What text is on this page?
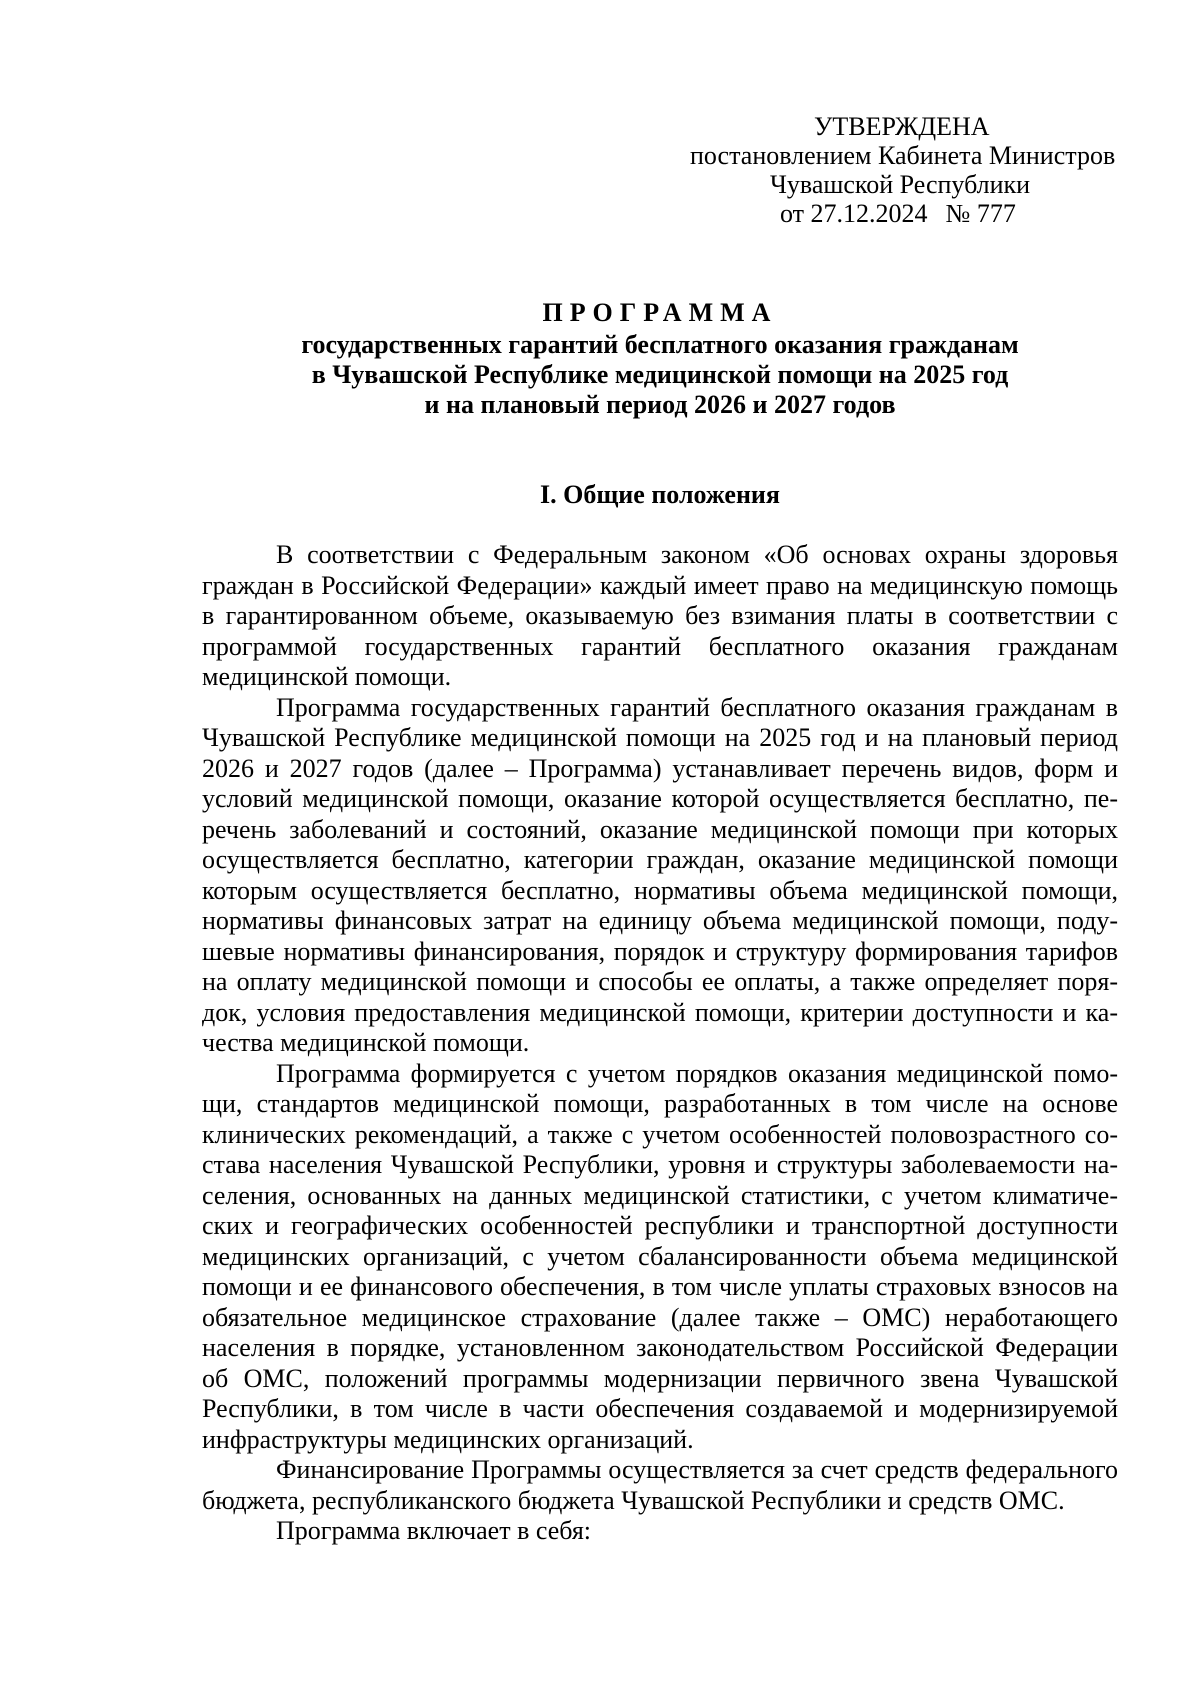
УТВЕРЖДЕНА
постановлением Кабинета Министров
Чувашской Республики
от 27.12.2024 № 777
ПРОГРАММА
государственных гарантий бесплатного оказания гражданам
в Чувашской Республике медицинской помощи на 2025 год
и на плановый период 2026 и 2027 годов
I. Общие положения

В соответствии с Федеральным законом «Об основах охраны здоровья граждан в Российской Федерации» каждый имеет право на медицинскую помощь в гарантированном объеме, оказываемую без взимания платы в соответствии с программой государственных гарантий бесплатного оказания гражданам медицинской помощи.

Программа государственных гарантий бесплатного оказания гражданам в Чувашской Республике медицинской помощи на 2025 год и на плановый период 2026 и 2027 годов (далее – Программа) устанавливает перечень видов, форм и условий медицинской помощи, оказание которой осуществляется бесплатно, перечень заболеваний и состояний, оказание медицинской помощи при которых осуществляется бесплатно, категории граждан, оказание медицинской помощи которым осуществляется бесплатно, нормативы объема медицинской помощи, нормативы финансовых затрат на единицу объема медицинской помощи, подушевые нормативы финансирования, порядок и структуру формирования тарифов на оплату медицинской помощи и способы ее оплаты, а также определяет порядок, условия предоставления медицинской помощи, критерии доступности и качества медицинской помощи.

Программа формируется с учетом порядков оказания медицинской помощи, стандартов медицинской помощи, разработанных в том числе на основе клинических рекомендаций, а также с учетом особенностей половозрастного состава населения Чувашской Республики, уровня и структуры заболеваемости населения, основанных на данных медицинской статистики, с учетом климатических и географических особенностей республики и транспортной доступности медицинских организаций, с учетом сбалансированности объема медицинской помощи и ее финансового обеспечения, в том числе уплаты страховых взносов на обязательное медицинское страхование (далее также – ОМС) неработающего населения в порядке, установленном законодательством Российской Федерации об ОМС, положений программы модернизации первичного звена Чувашской Республики, в том числе в части обеспечения создаваемой и модернизируемой инфраструктуры медицинских организаций.

Финансирование Программы осуществляется за счет средств федерального бюджета, республиканского бюджета Чувашской Республики и средств ОМС.

Программа включает в себя:
